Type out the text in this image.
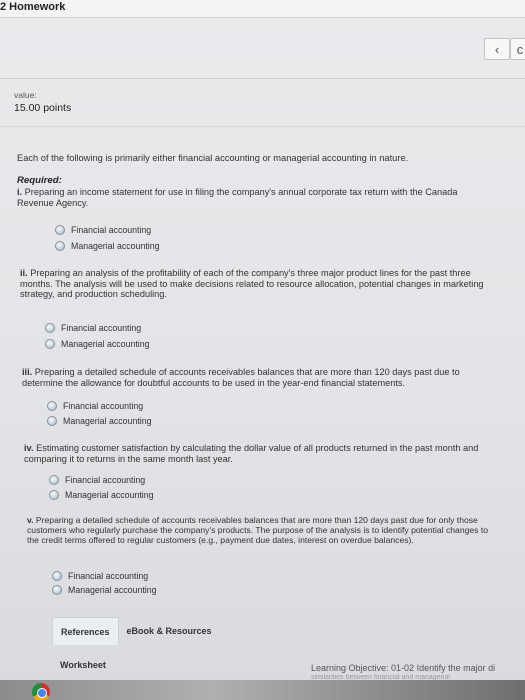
2 Homework
‹ c
value:
15.00 points
Each of the following is primarily either financial accounting or managerial accounting in nature.
Required:
i. Preparing an income statement for use in filing the company's annual corporate tax return with the Canada Revenue Agency.
Financial accounting
Managerial accounting
ii. Preparing an analysis of the profitability of each of the company's three major product lines for the past three months. The analysis will be used to make decisions related to resource allocation, potential changes in marketing strategy, and production scheduling.
Financial accounting
Managerial accounting
iii. Preparing a detailed schedule of accounts receivables balances that are more than 120 days past due to determine the allowance for doubtful accounts to be used in the year-end financial statements.
Financial accounting
Managerial accounting
iv. Estimating customer satisfaction by calculating the dollar value of all products returned in the past month and comparing it to returns in the same month last year.
Financial accounting
Managerial accounting
v. Preparing a detailed schedule of accounts receivables balances that are more than 120 days past due for only those customers who regularly purchase the company's products. The purpose of the analysis is to identify potential changes to the credit terms offered to regular customers (e.g., payment due dates, interest on overdue balances).
Financial accounting
Managerial accounting
References	eBook & Resources
Worksheet	Learning Objective: 01-02 Identify the major di
similarities between financial and managerial
